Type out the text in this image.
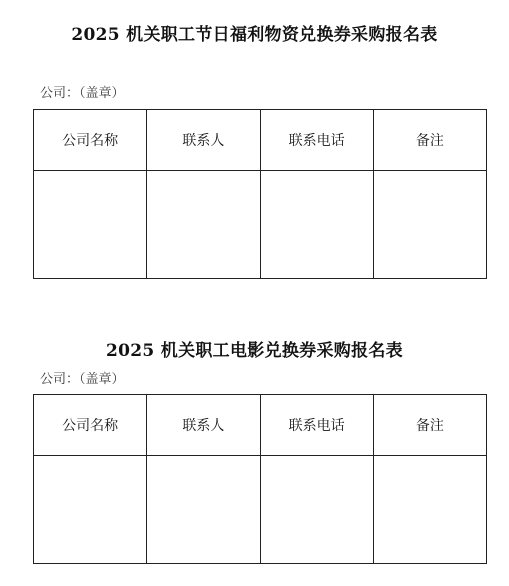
2025 机关职工节日福利物资兑换券采购报名表
公司：（盖章）
公司名称	联系人	联系电话	备注

2025 机关职工电影兑换券采购报名表
公司：（盖章）
公司名称	联系人	联系电话	备注
